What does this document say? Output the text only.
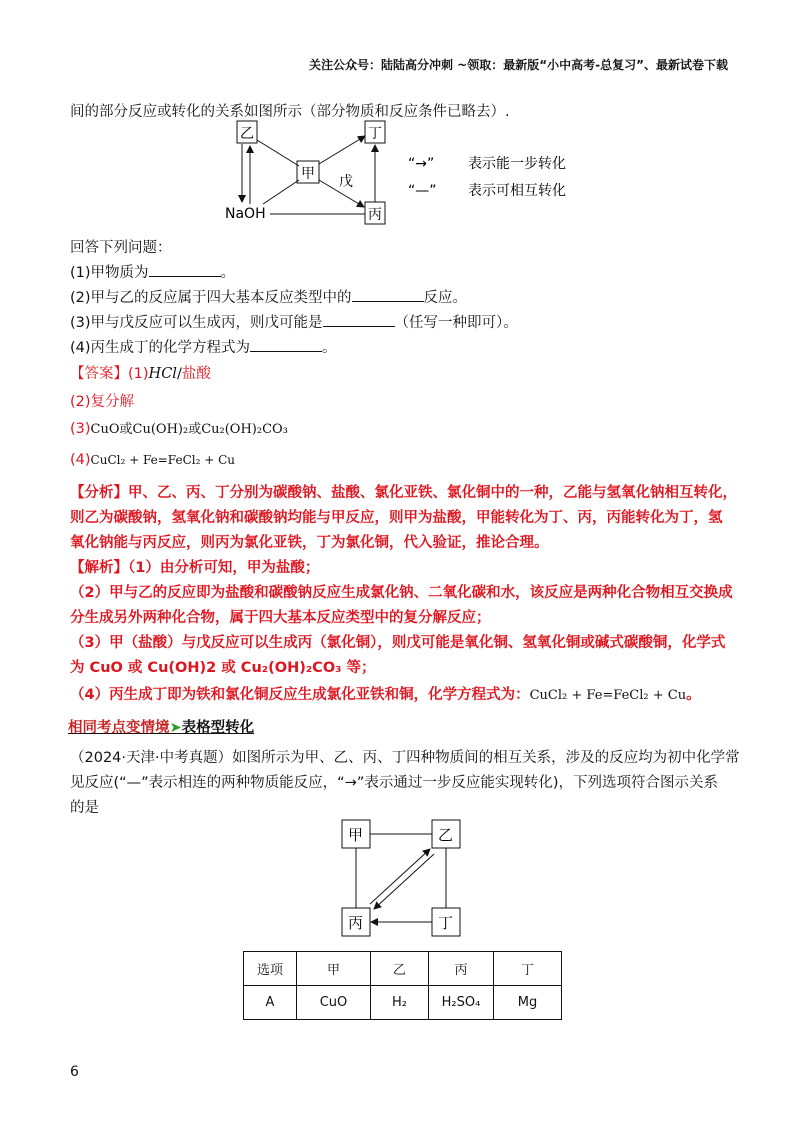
关注公众号：陆陆高分冲刺 ~领取：最新版“小中高考-总复习”、最新试卷下载
间的部分反应或转化的关系如图所示（部分物质和反应条件已略去）.
乙
甲
丁
丙
NaOH
戊
“→” 表示能一步转化
“—” 表示可相互转化
回答下列问题：
(1)甲物质为	。
(2)甲与乙的反应属于四大基本反应类型中的	反应。
(3)甲与戊反应可以生成丙，则戊可能是	（任写一种即可）。
(4)丙生成丁的化学方程式为	。
【答案】(1)HCl/盐酸
(2)复分解
(3)CuO或Cu(OH)₂或Cu₂(OH)₂CO₃
(4)CuCl₂ + Fe=FeCl₂ + Cu
【分析】甲、乙、丙、丁分别为碳酸钠、盐酸、氯化亚铁、氯化铜中的一种，乙能与氢氧化钠相互转化，
则乙为碳酸钠，氢氧化钠和碳酸钠均能与甲反应，则甲为盐酸，甲能转化为丁、丙，丙能转化为丁，氢
氧化钠能与丙反应，则丙为氯化亚铁，丁为氯化铜，代入验证，推论合理。
【解析】（1）由分析可知，甲为盐酸；
（2）甲与乙的反应即为盐酸和碳酸钠反应生成氯化钠、二氧化碳和水，该反应是两种化合物相互交换成
分生成另外两种化合物，属于四大基本反应类型中的复分解反应；
（3）甲（盐酸）与戊反应可以生成丙（氯化铜），则戊可能是氧化铜、氢氧化铜或碱式碳酸铜，化学式
为 CuO 或 Cu(OH)2 或 Cu₂(OH)₂CO₃ 等；
（4）丙生成丁即为铁和氯化铜反应生成氯化亚铁和铜，化学方程式为：CuCl₂ + Fe=FeCl₂ + Cu。
相同考点变情境➤表格型转化
（2024·天津·中考真题）如图所示为甲、乙、丙、丁四种物质间的相互关系，涉及的反应均为初中化学常
见反应(“—”表示相连的两种物质能反应，“→”表示通过一步反应能实现转化)，下列选项符合图示关系
的是
甲	乙
丙	丁
选项	甲	乙	丙	丁
A	CuO	H₂	H₂SO₄	Mg
6
